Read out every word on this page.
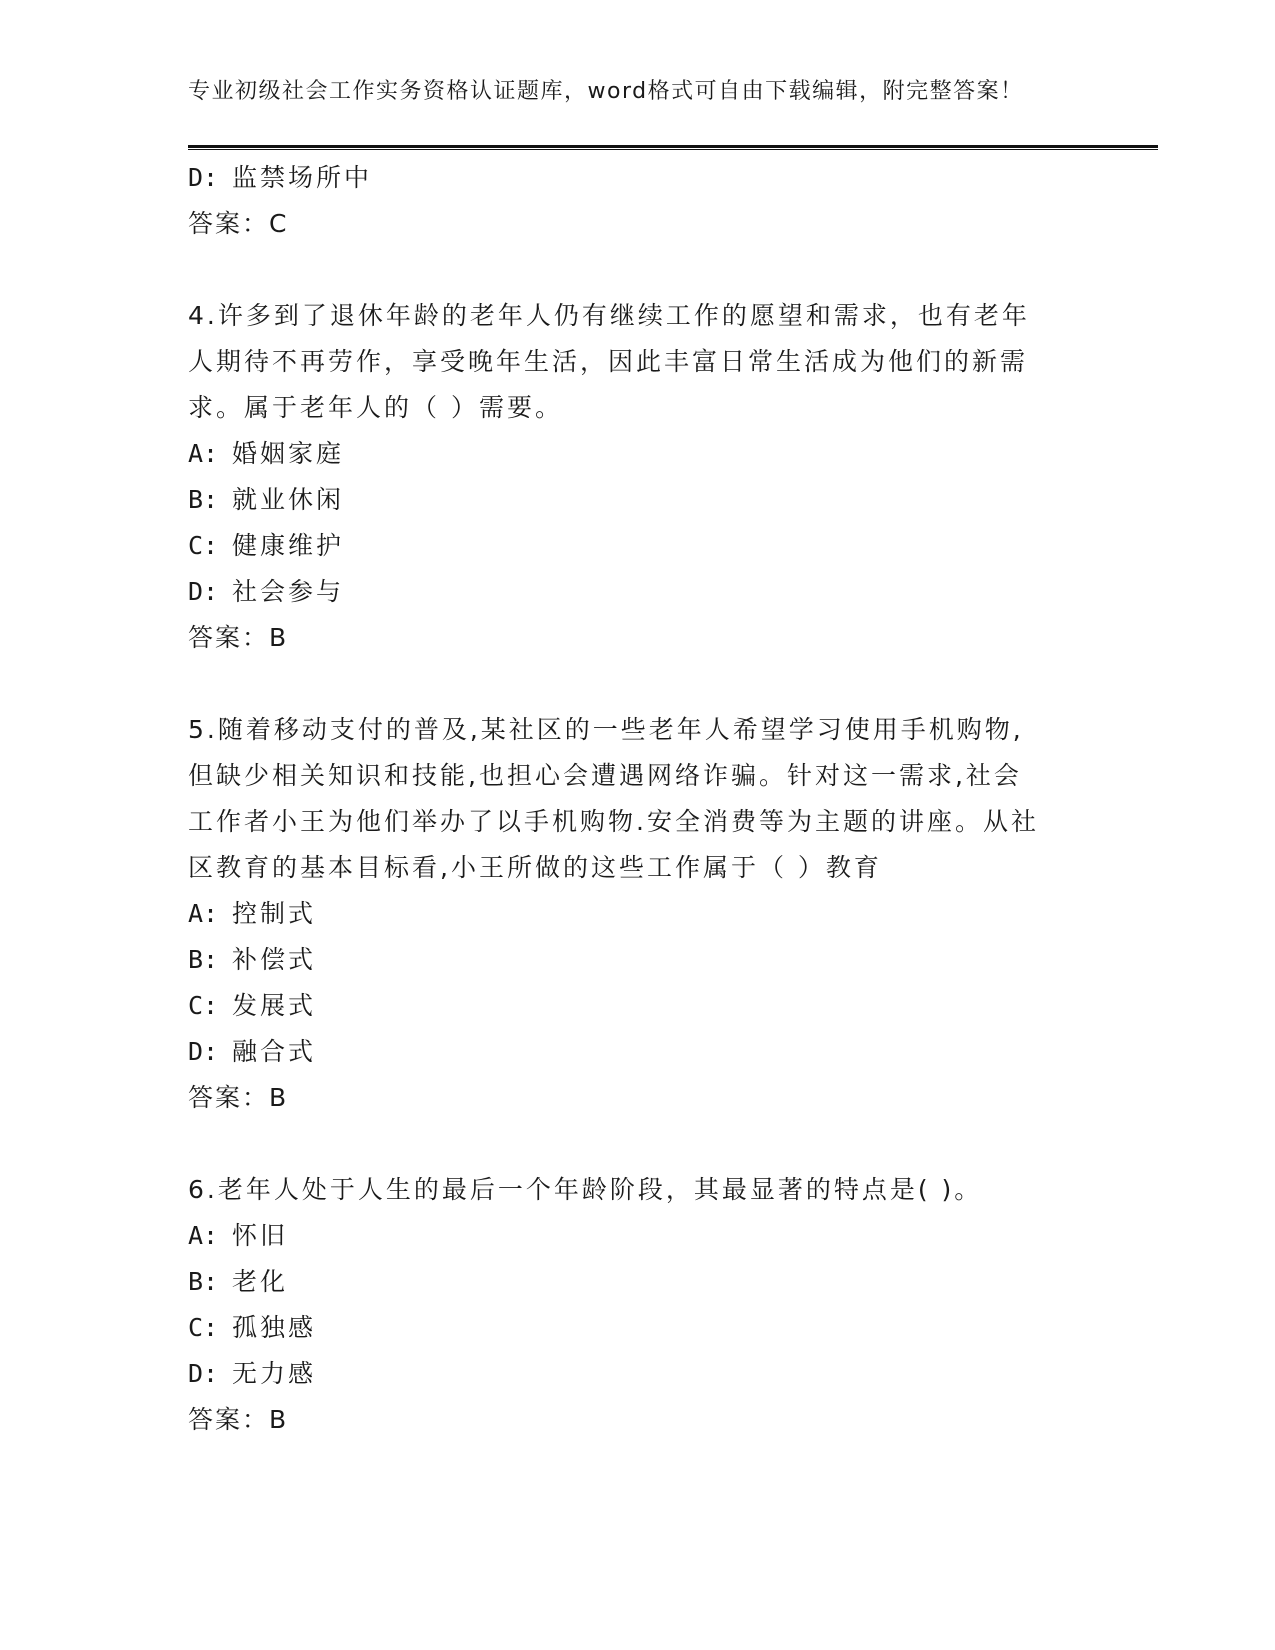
专业初级社会工作实务资格认证题库，word格式可自由下载编辑，附完整答案！
D: 监禁场所中
答案：C
4.许多到了退休年龄的老年人仍有继续工作的愿望和需求，也有老年
人期待不再劳作，享受晚年生活，因此丰富日常生活成为他们的新需
求。属于老年人的（ ）需要。
A: 婚姻家庭
B: 就业休闲
C: 健康维护
D: 社会参与
答案：B
5.随着移动支付的普及,某社区的一些老年人希望学习使用手机购物,
但缺少相关知识和技能,也担心会遭遇网络诈骗。针对这一需求,社会
工作者小王为他们举办了以手机购物.安全消费等为主题的讲座。从社
区教育的基本目标看,小王所做的这些工作属于（ ）教育
A: 控制式
B: 补偿式
C: 发展式
D: 融合式
答案：B
6.老年人处于人生的最后一个年龄阶段，其最显著的特点是( )。
A: 怀旧
B: 老化
C: 孤独感
D: 无力感
答案：B
